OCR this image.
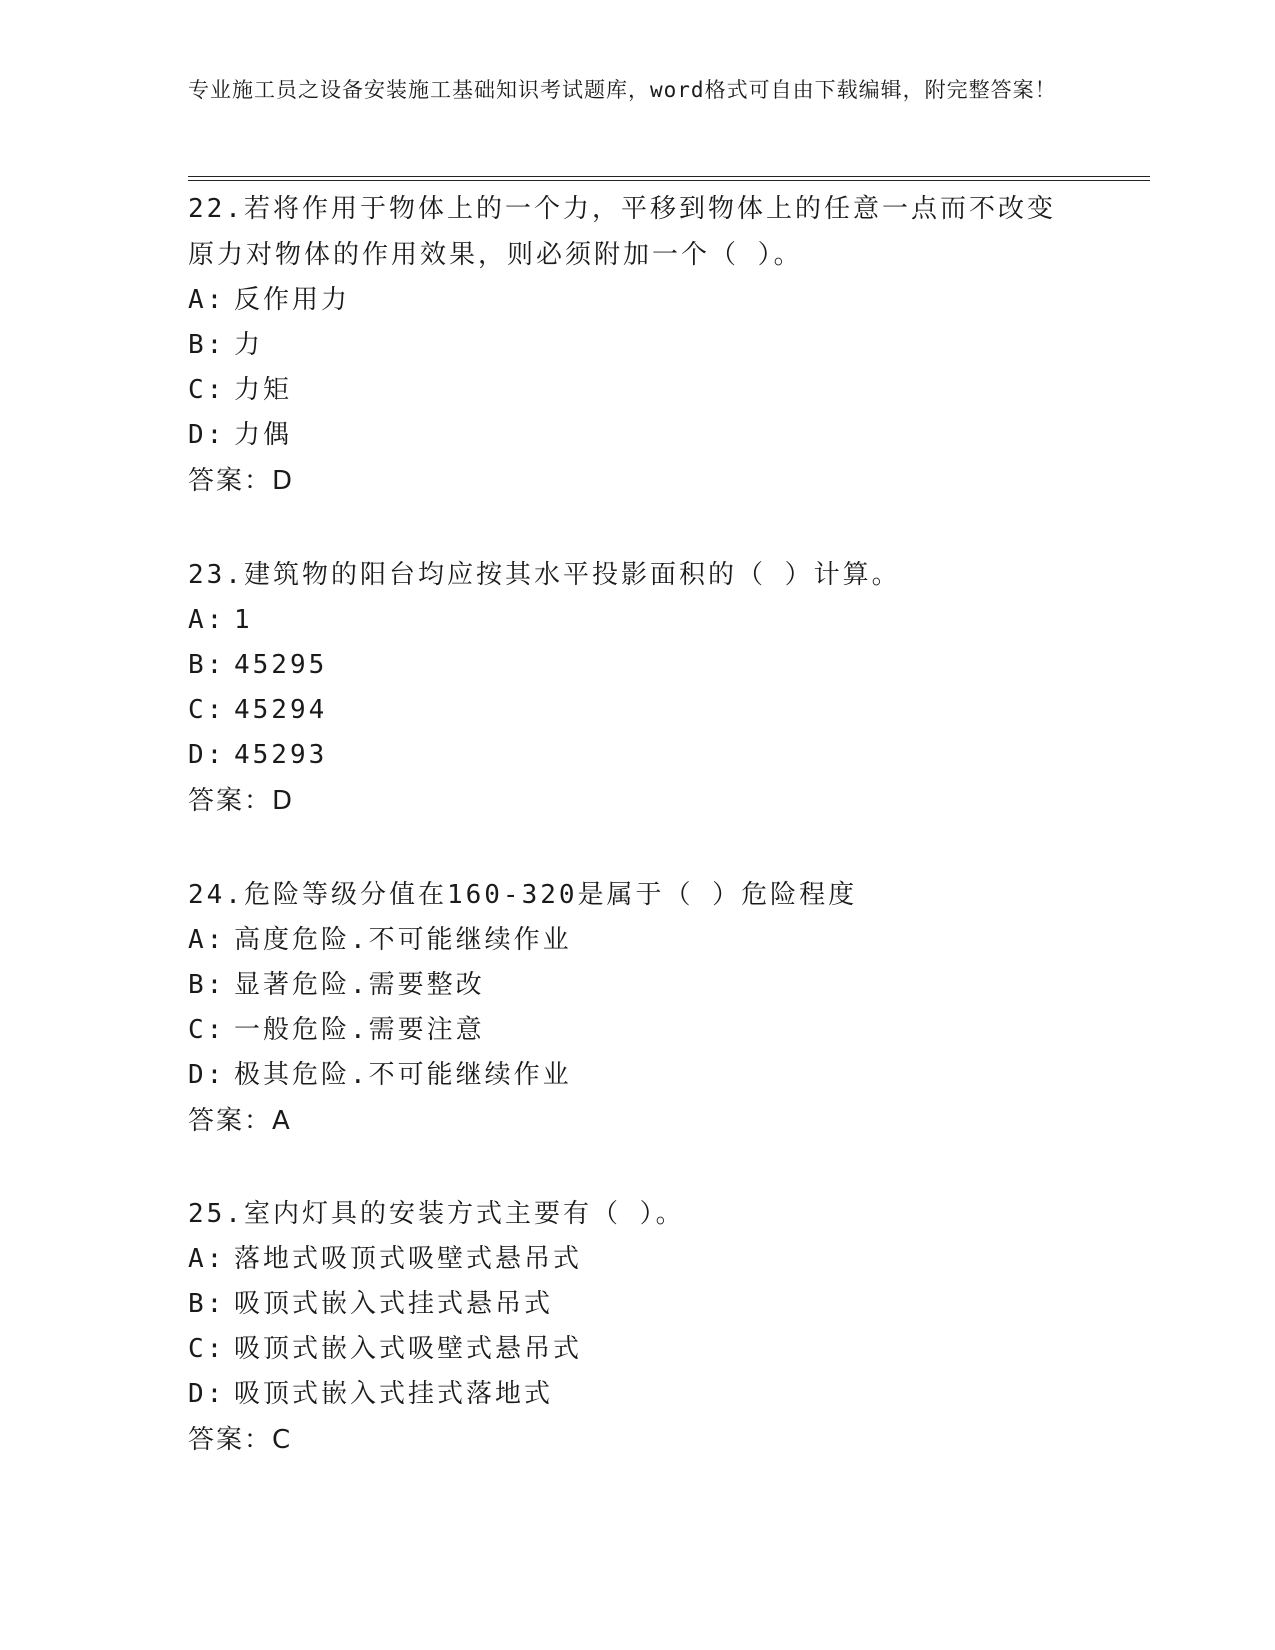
专业施工员之设备安装施工基础知识考试题库，word格式可自由下载编辑，附完整答案！

22.若将作用于物体上的一个力，平移到物体上的任意一点而不改变原力对物体的作用效果，则必须附加一个（ ）。

A: 反作用力

B: 力

C: 力矩

D: 力偶

答案：D

23.建筑物的阳台均应按其水平投影面积的（ ）计算。

A: 1

B: 45295

C: 45294

D: 45293

答案：D

24.危险等级分值在160-320是属于（ ）危险程度

A: 高度危险.不可能继续作业

B: 显著危险.需要整改

C: 一般危险.需要注意

D: 极其危险.不可能继续作业

答案：A

25.室内灯具的安装方式主要有（ ）。

A: 落地式吸顶式吸壁式悬吊式

B: 吸顶式嵌入式挂式悬吊式

C: 吸顶式嵌入式吸壁式悬吊式

D: 吸顶式嵌入式挂式落地式

答案：C
